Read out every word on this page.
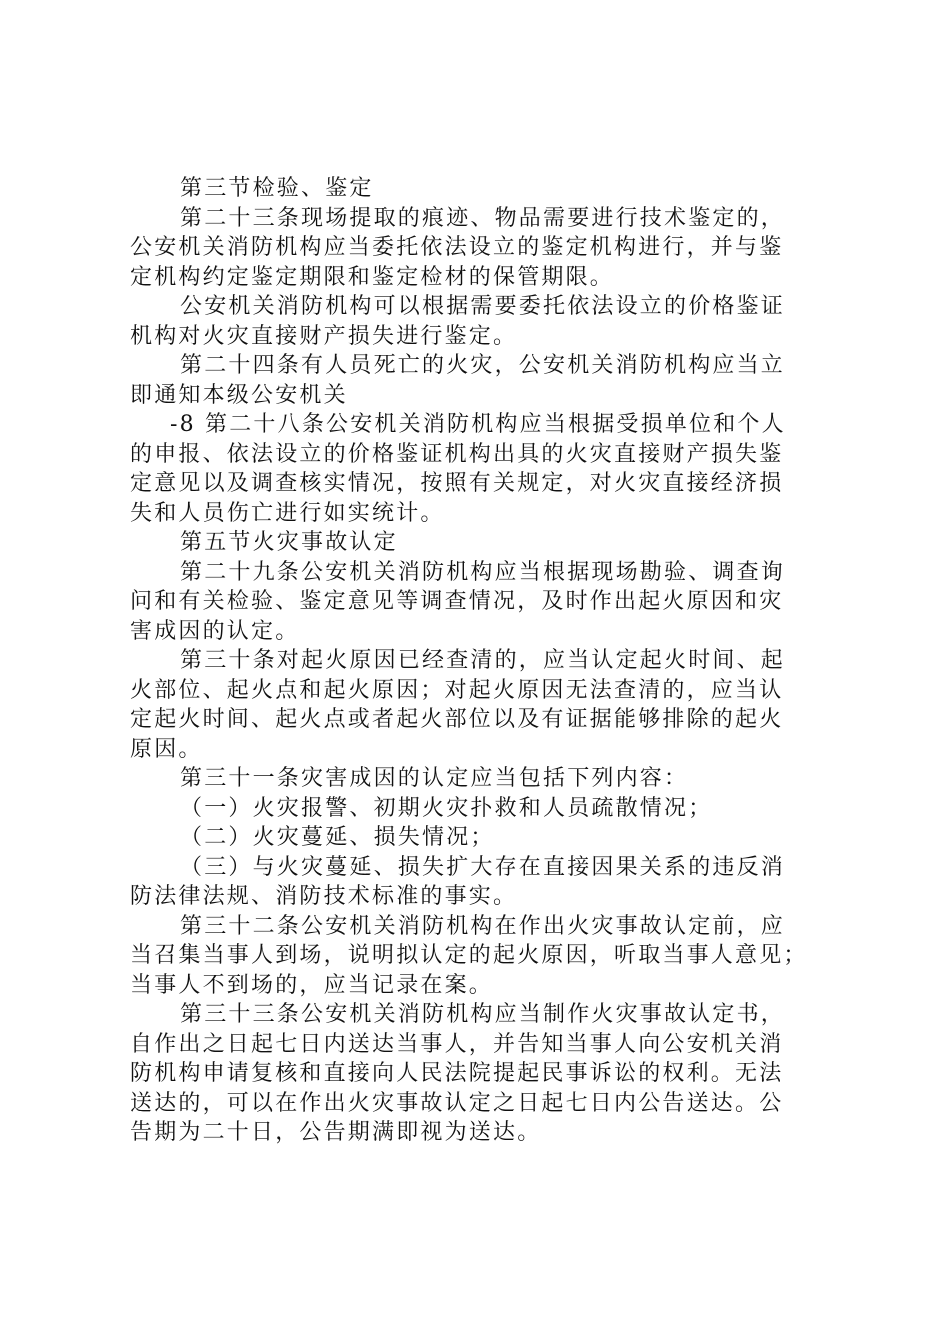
第三节检验、鉴定
第二十三条现场提取的痕迹、物品需要进行技术鉴定的，
公安机关消防机构应当委托依法设立的鉴定机构进行，并与鉴
定机构约定鉴定期限和鉴定检材的保管期限。
公安机关消防机构可以根据需要委托依法设立的价格鉴证
机构对火灾直接财产损失进行鉴定。
第二十四条有人员死亡的火灾，公安机关消防机构应当立
即通知本级公安机关
-8 第二十八条公安机关消防机构应当根据受损单位和个人
的申报、依法设立的价格鉴证机构出具的火灾直接财产损失鉴
定意见以及调查核实情况，按照有关规定，对火灾直接经济损
失和人员伤亡进行如实统计。
第五节火灾事故认定
第二十九条公安机关消防机构应当根据现场勘验、调查询
问和有关检验、鉴定意见等调查情况，及时作出起火原因和灾
害成因的认定。
第三十条对起火原因已经查清的，应当认定起火时间、起
火部位、起火点和起火原因；对起火原因无法查清的，应当认
定起火时间、起火点或者起火部位以及有证据能够排除的起火
原因。
第三十一条灾害成因的认定应当包括下列内容：
（一）火灾报警、初期火灾扑救和人员疏散情况；
（二）火灾蔓延、损失情况；
（三）与火灾蔓延、损失扩大存在直接因果关系的违反消
防法律法规、消防技术标准的事实。
第三十二条公安机关消防机构在作出火灾事故认定前，应
当召集当事人到场，说明拟认定的起火原因，听取当事人意见；
当事人不到场的，应当记录在案。
第三十三条公安机关消防机构应当制作火灾事故认定书，
自作出之日起七日内送达当事人，并告知当事人向公安机关消
防机构申请复核和直接向人民法院提起民事诉讼的权利。无法
送达的，可以在作出火灾事故认定之日起七日内公告送达。公
告期为二十日，公告期满即视为送达。
